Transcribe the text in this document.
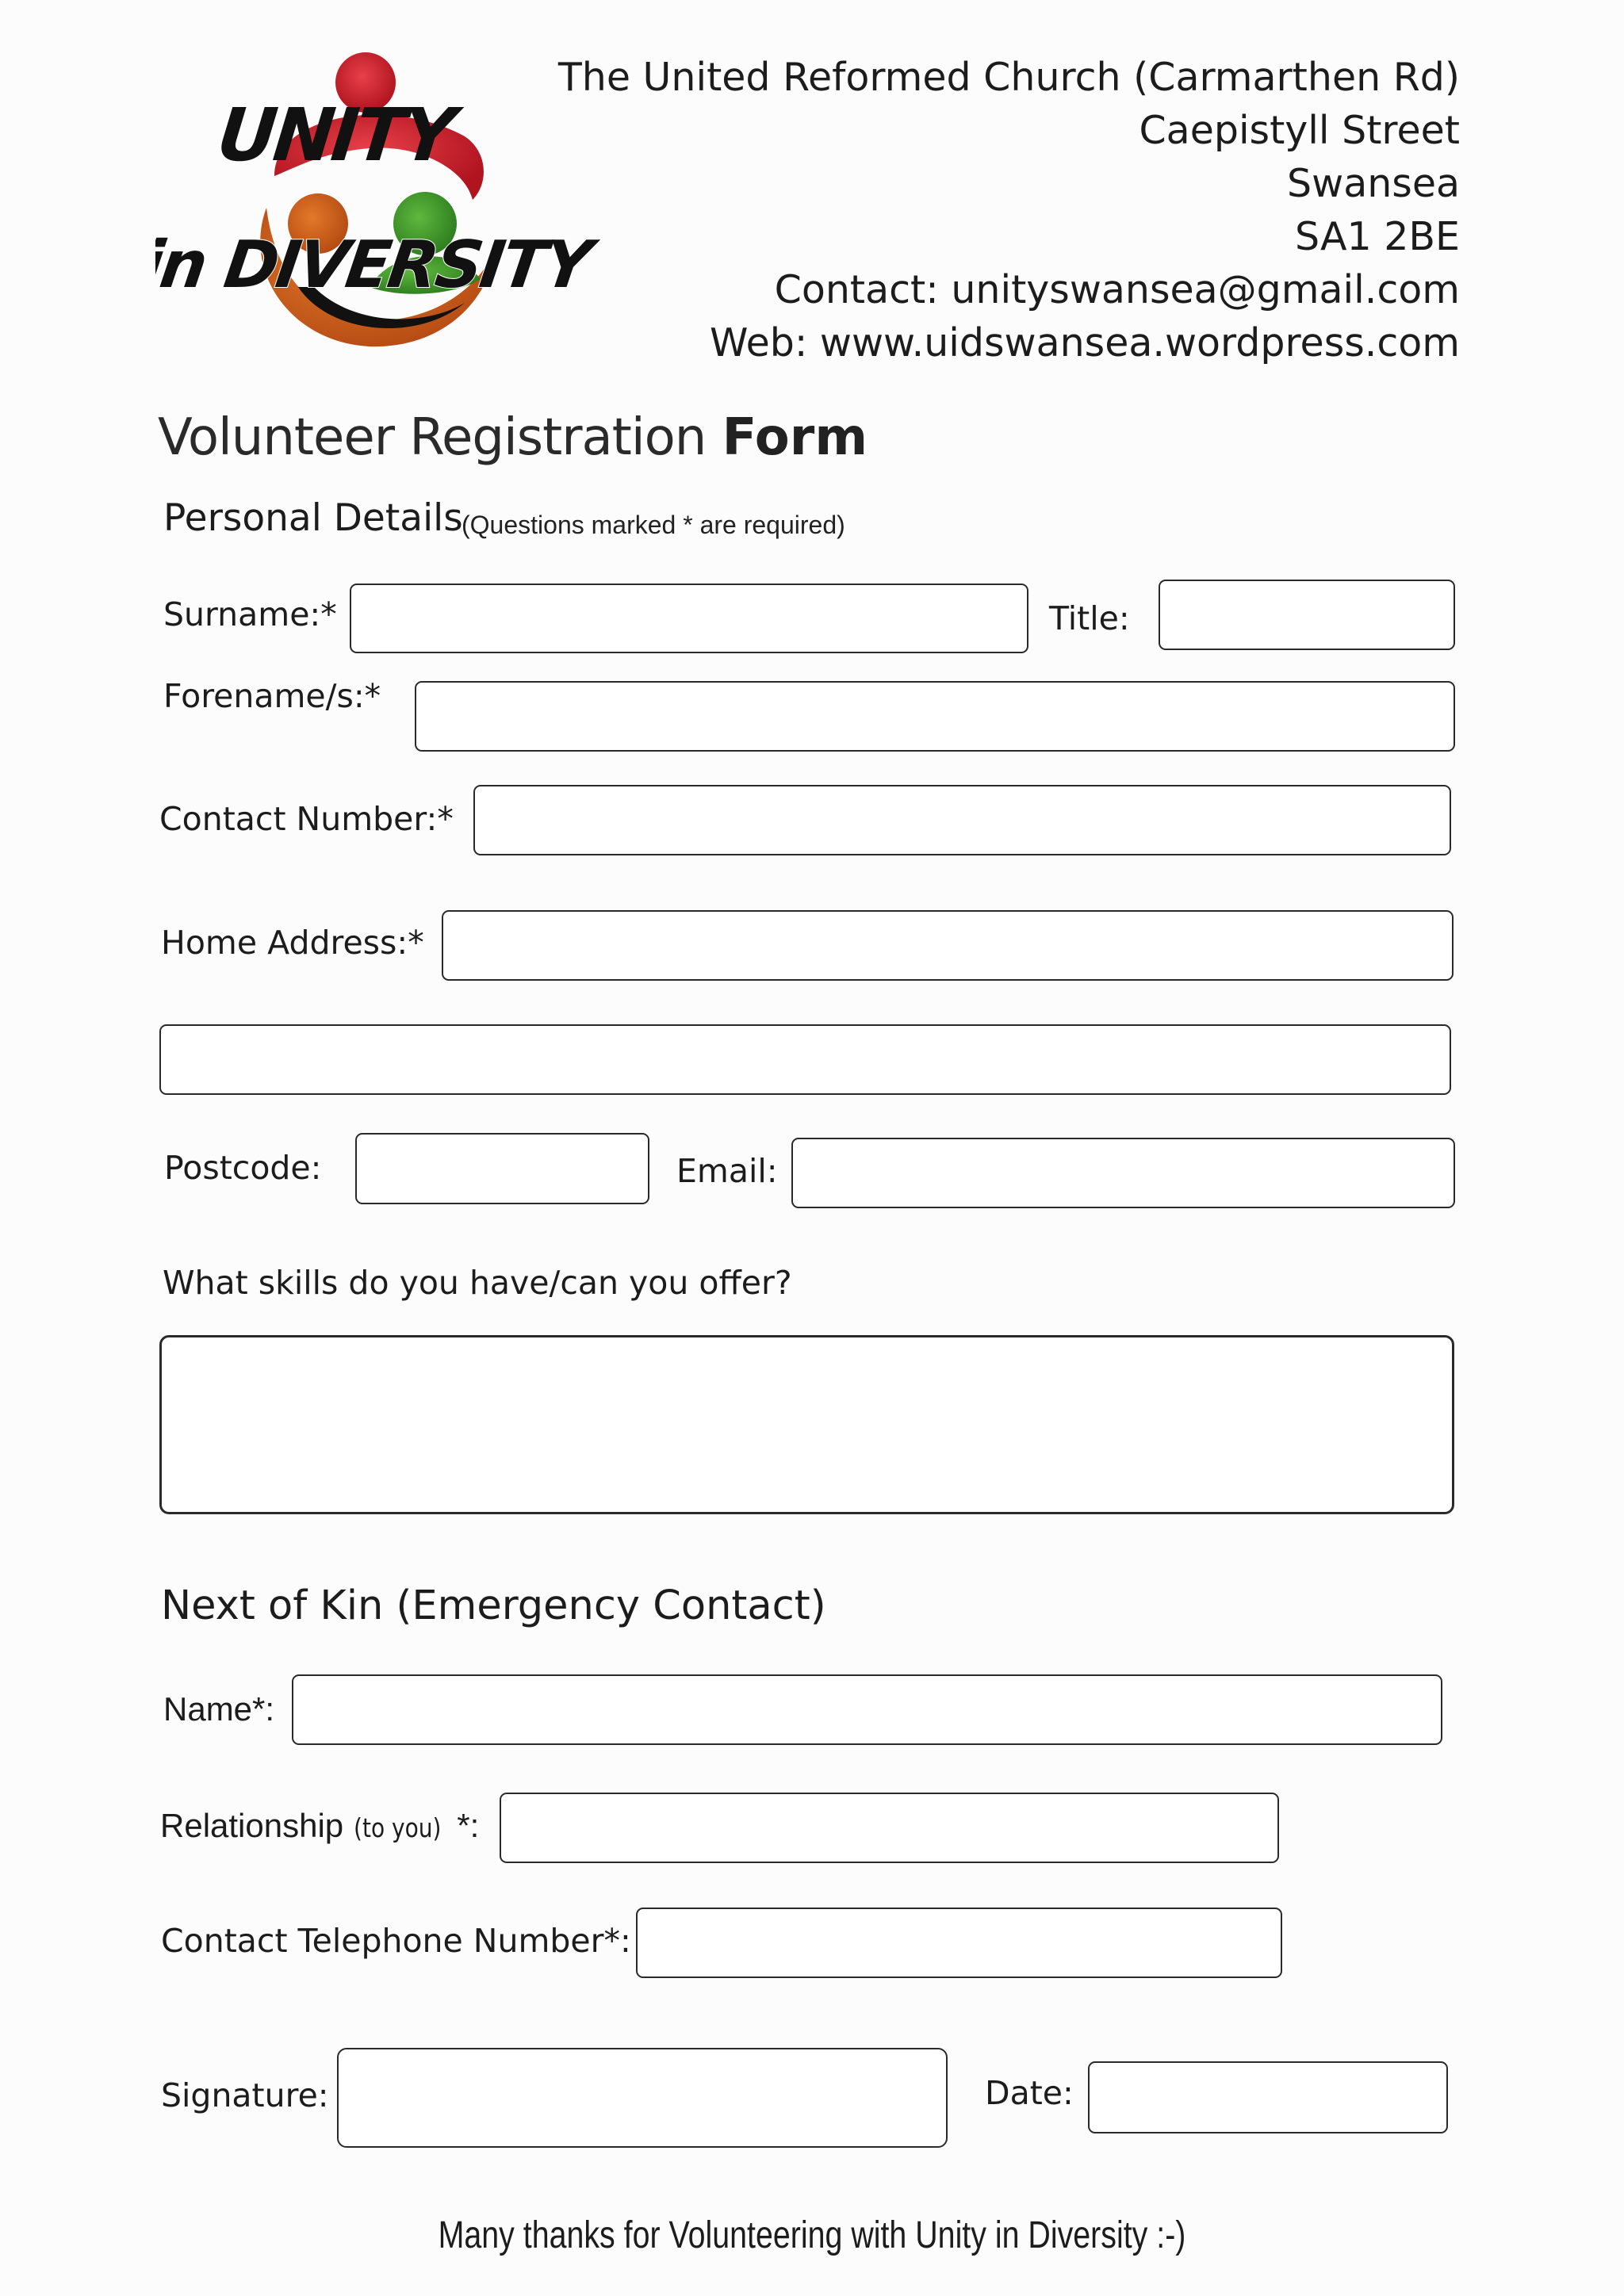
UNITY
in DIVERSITY
The United Reformed Church (Carmarthen Rd)
Caepistyll Street
Swansea
SA1 2BE
Contact: unityswansea@gmail.com
Web: www.uidswansea.wordpress.com
Volunteer Registration Form
Personal Details
(Questions marked * are required)
Surname:*	Title:
Forename/s:*
Contact Number:*
Home Address:*
Postcode:	Email:
What skills do you have/can you offer?
Next of Kin (Emergency Contact)
Name*:
Relationship (to you) *:
Contact Telephone Number*:
Signature:	Date:
Many thanks for Volunteering with Unity in Diversity :-)
